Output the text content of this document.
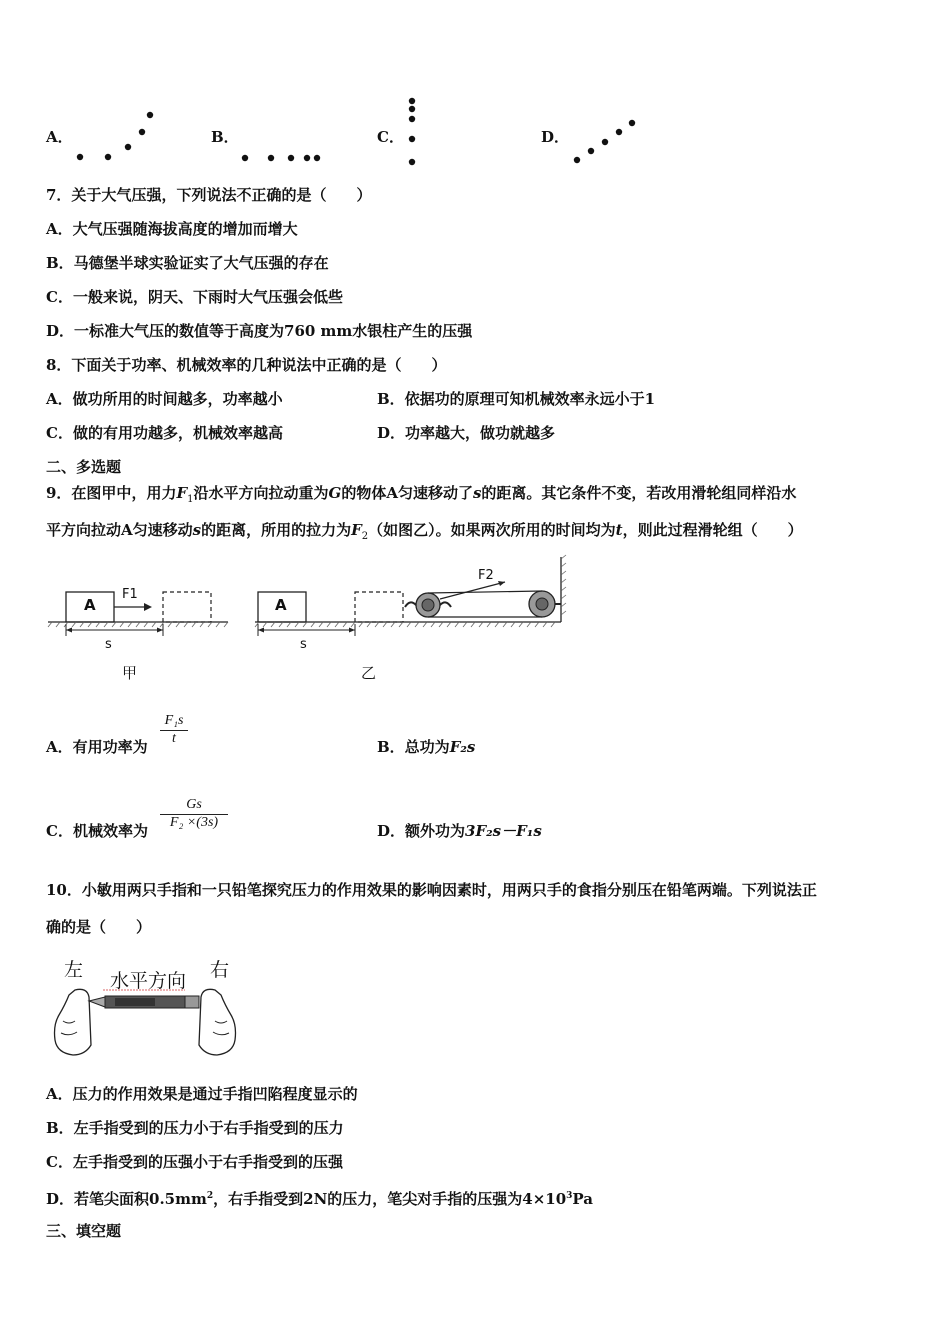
A．	B．	C．	D．
7．关于大气压强，下列说法不正确的是（　　）
A．大气压强随海拔高度的增加而增大
B．马德堡半球实验证实了大气压强的存在
C．一般来说，阴天、下雨时大气压强会低些
D．一标准大气压的数值等于高度为760 mm水银柱产生的压强
8．下面关于功率、机械效率的几种说法中正确的是（　　）
A．做功所用的时间越多，功率越小	B．依据功的原理可知机械效率永远小于1
C．做的有用功越多，机械效率越高	D．功率越大，做功就越多
二、多选题
9．在图甲中，用力$F_1$沿水平方向拉动重为G的物体A匀速移动了s的距离。其它条件不变，若改用滑轮组同样沿水
平方向拉动A匀速移动s的距离，所用的拉力为$F_2$（如图乙）。如果两次所用的时间均为t，则此过程滑轮组（　　）
A
F1
s
甲
A
F2
s
乙
A．有用功率为 $\frac{\text{F₁s}}{t}$	B．总功为F₂s
C．机械效率为 $\frac{Gs}{\text{F₂ ×(3s)}}$	D．额外功为3F₂s－F₁s
10．小敏用两只手指和一只铅笔探究压力的作用效果的影响因素时，用两只手的食指分别压在铅笔两端。下列说法正
确的是（　　）
左 水平方向 右
A．压力的作用效果是通过手指凹陷程度显示的
B．左手指受到的压力小于右手指受到的压力
C．左手指受到的压强小于右手指受到的压强
D．若笔尖面积$0.5mm^2$，右手指受到2N的压力，笔尖对手指的压强为$4\times 10^3Pa$
三、填空题
